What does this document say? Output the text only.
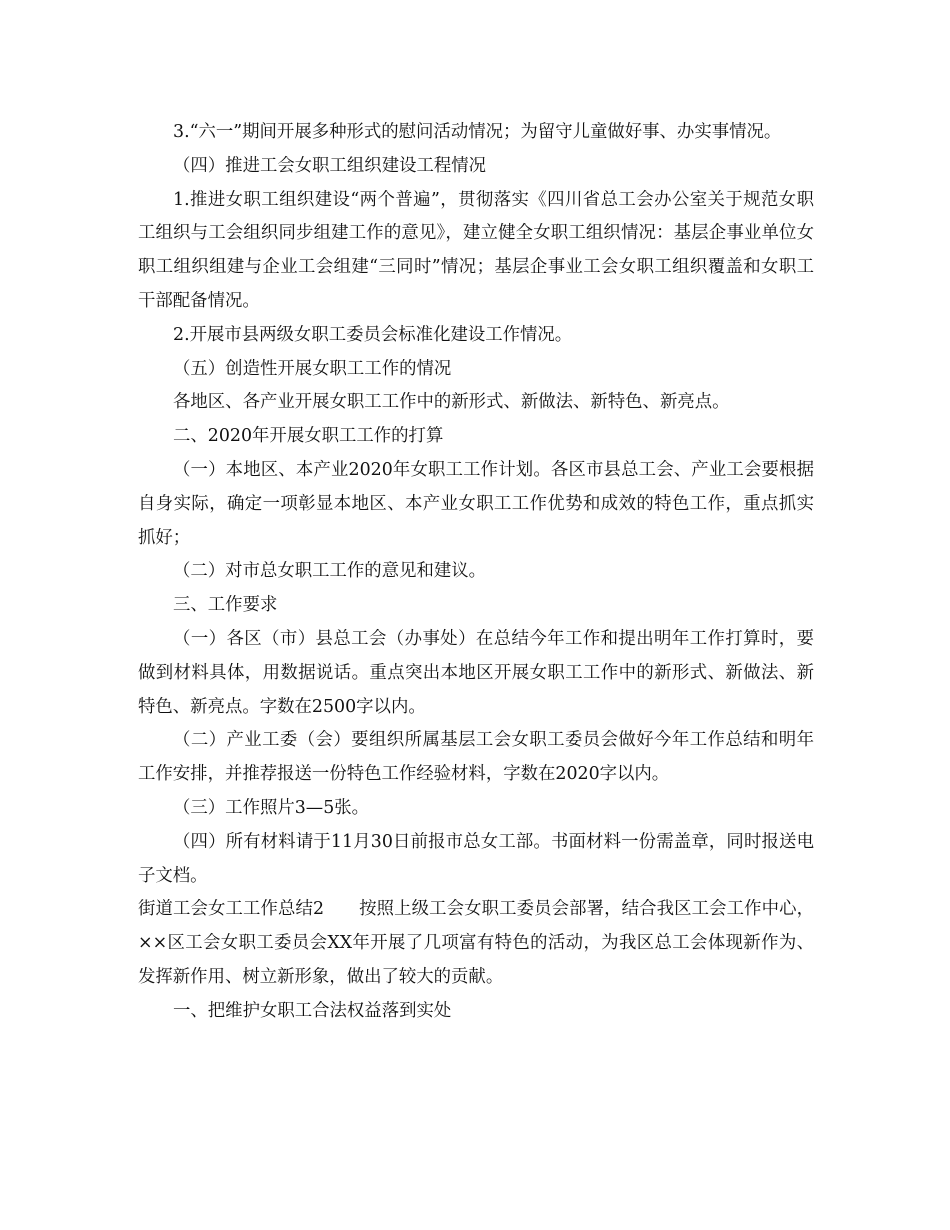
3.“六一”期间开展多种形式的慰问活动情况；为留守儿童做好事、办实事情况。

（四）推进工会女职工组织建设工程情况

1.推进女职工组织建设“两个普遍”，贯彻落实《四川省总工会办公室关于规范女职工组织与工会组织同步组建工作的意见》，建立健全女职工组织情况：基层企事业单位女职工组织组建与企业工会组建“三同时”情况；基层企事业工会女职工组织覆盖和女职工干部配备情况。

2.开展市县两级女职工委员会标准化建设工作情况。

（五）创造性开展女职工工作的情况

各地区、各产业开展女职工工作中的新形式、新做法、新特色、新亮点。

二、2020年开展女职工工作的打算

（一）本地区、本产业2020年女职工工作计划。各区市县总工会、产业工会要根据自身实际，确定一项彰显本地区、本产业女职工工作优势和成效的特色工作，重点抓实抓好；

（二）对市总女职工工作的意见和建议。

三、工作要求

（一）各区（市）县总工会（办事处）在总结今年工作和提出明年工作打算时，要做到材料具体，用数据说话。重点突出本地区开展女职工工作中的新形式、新做法、新特色、新亮点。字数在2500字以内。

（二）产业工委（会）要组织所属基层工会女职工委员会做好今年工作总结和明年工作安排，并推荐报送一份特色工作经验材料，字数在2020字以内。

（三）工作照片3—5张。

（四）所有材料请于11月30日前报市总女工部。书面材料一份需盖章，同时报送电子文档。

街道工会女工工作总结2　　按照上级工会女职工委员会部署，结合我区工会工作中心，××区工会女职工委员会XX年开展了几项富有特色的活动，为我区总工会体现新作为、发挥新作用、树立新形象，做出了较大的贡献。

一、把维护女职工合法权益落到实处
